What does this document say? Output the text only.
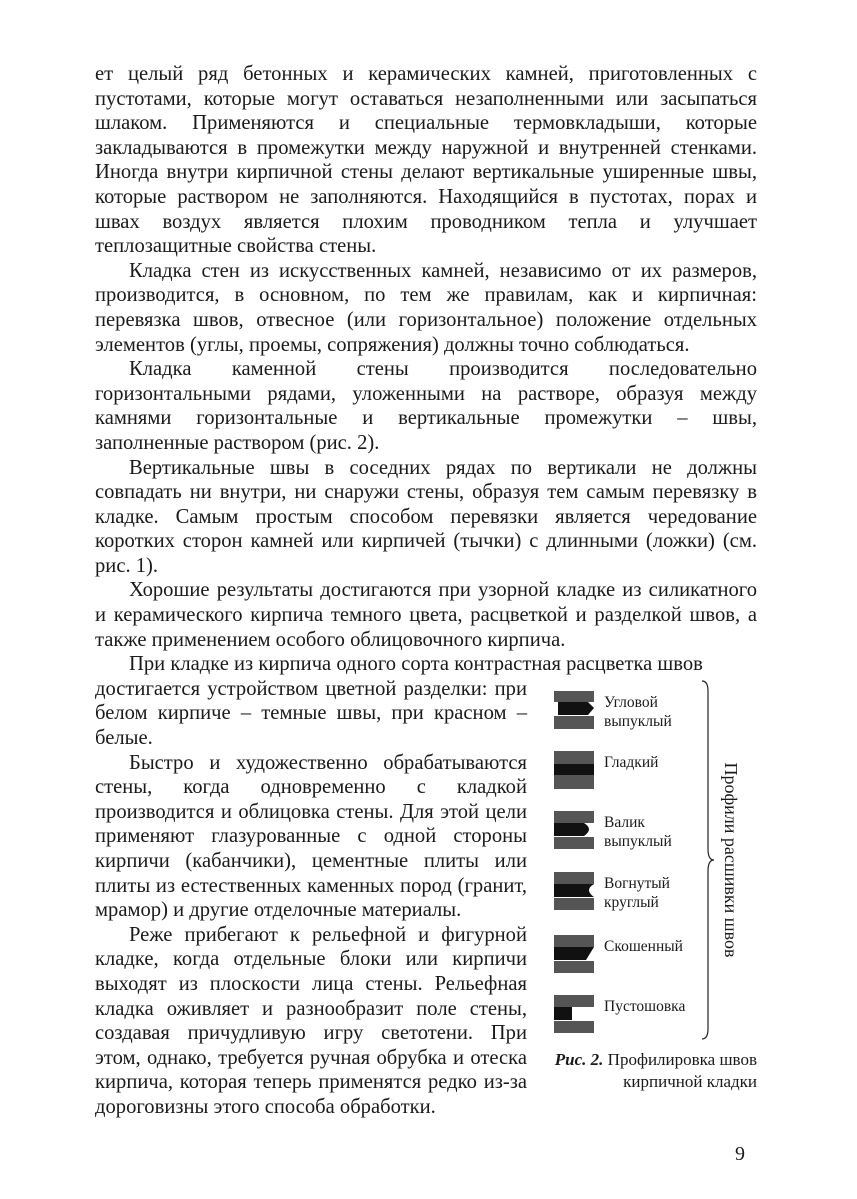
ет целый ряд бетонных и керамических камней, приготовленных с пустотами, которые могут оставаться незаполненными или засыпаться шлаком. Применяются и специальные термовкладыши, которые закладываются в промежутки между наружной и внутренней стенками. Иногда внутри кирпичной стены делают вертикальные уширенные швы, которые раствором не заполняются. Находящийся в пустотах, порах и швах воздух является плохим проводником тепла и улучшает теплозащитные свойства стены.

Кладка стен из искусственных камней, независимо от их размеров, производится, в основном, по тем же правилам, как и кирпичная: перевязка швов, отвесное (или горизонтальное) положение отдельных элементов (углы, проемы, сопряжения) должны точно соблюдаться.

Кладка каменной стены производится последовательно горизонтальными рядами, уложенными на растворе, образуя между камнями горизонтальные и вертикальные промежутки – швы, заполненные раствором (рис. 2).

Вертикальные швы в соседних рядах по вертикали не должны совпадать ни внутри, ни снаружи стены, образуя тем самым перевязку в кладке. Самым простым способом перевязки является чередование коротких сторон камней или кирпичей (тычки) с длинными (ложки) (см. рис. 1).

Хорошие результаты достигаются при узорной кладке из силикатного и керамического кирпича темного цвета, расцветкой и разделкой швов, а также применением особого облицовочного кирпича.

При кладке из кирпича одного сорта контрастная расцветка швов

достигается устройством цветной разделки: при белом кирпиче – темные швы, при красном – белые.

Быстро и художественно обрабатываются стены, когда одновременно с кладкой производится и облицовка стены. Для этой цели применяют глазурованные с одной стороны кирпичи (кабанчики), цементные плиты или плиты из естественных каменных пород (гранит, мрамор) и другие отделочные материалы.

Реже прибегают к рельефной и фигурной кладке, когда отдельные блоки или кирпичи выходят из плоскости лица стены. Рельефная кладка оживляет и разнообразит поле стены, создавая причудливую игру светотени. При этом, однако, требуется ручная обрубка и отеска кирпича, которая теперь применятся редко из-за дороговизны этого способа обработки.

Угловой
выпуклый
Гладкий
Валик
выпуклый
Вогнутый
круглый
Скошенный
Пустошовка
Профили расшивки швов
Рис. 2. Профилировка швов кирпичной кладки
9
